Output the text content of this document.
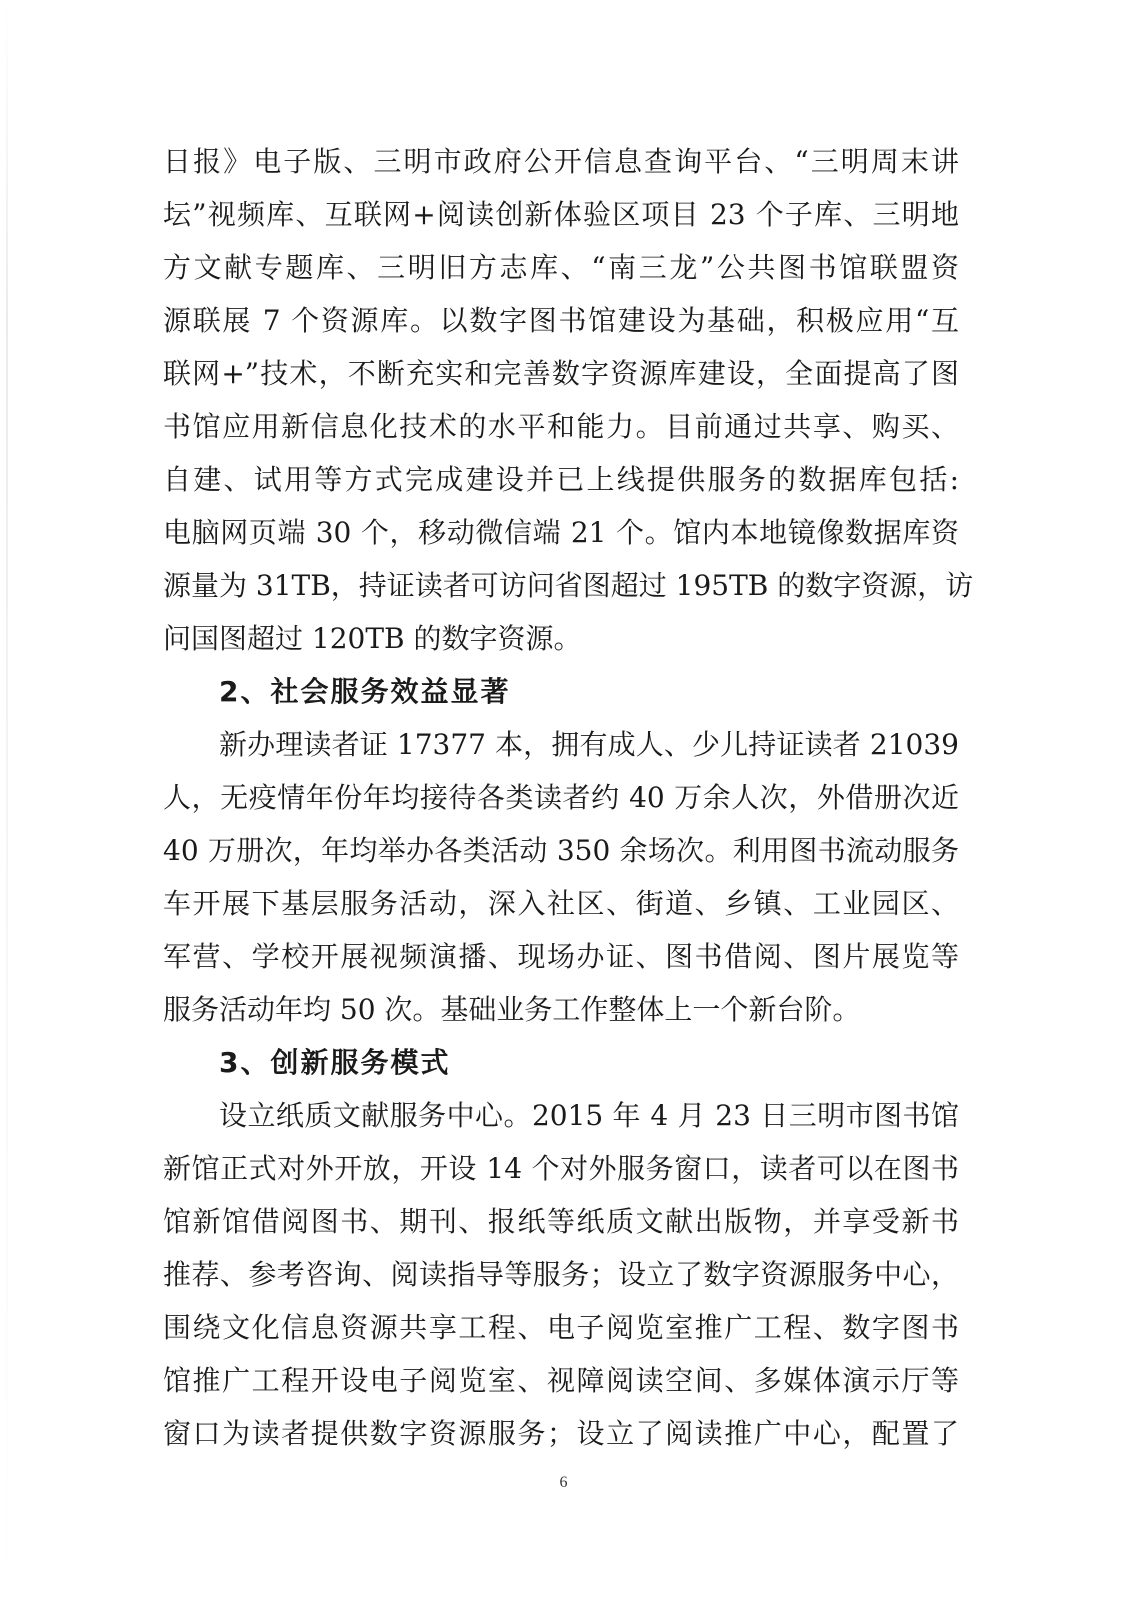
日报》电子版、三明市政府公开信息查询平台、“三明周末讲
坛”视频库、互联网+阅读创新体验区项目 23 个子库、三明地
方文献专题库、三明旧方志库、“南三龙”公共图书馆联盟资
源联展 7 个资源库。以数字图书馆建设为基础，积极应用“互
联网+”技术，不断充实和完善数字资源库建设，全面提高了图
书馆应用新信息化技术的水平和能力。目前通过共享、购买、
自建、试用等方式完成建设并已上线提供服务的数据库包括:
电脑网页端 30 个，移动微信端 21 个。馆内本地镜像数据库资
源量为 31TB，持证读者可访问省图超过 195TB 的数字资源，访
问国图超过 120TB 的数字资源。
2、社会服务效益显著
新办理读者证 17377 本，拥有成人、少儿持证读者 21039
人，无疫情年份年均接待各类读者约 40 万余人次，外借册次近
40 万册次，年均举办各类活动 350 余场次。利用图书流动服务
车开展下基层服务活动，深入社区、街道、乡镇、工业园区、
军营、学校开展视频演播、现场办证、图书借阅、图片展览等
服务活动年均 50 次。基础业务工作整体上一个新台阶。
3、创新服务模式
设立纸质文献服务中心。2015 年 4 月 23 日三明市图书馆
新馆正式对外开放，开设 14 个对外服务窗口，读者可以在图书
馆新馆借阅图书、期刊、报纸等纸质文献出版物，并享受新书
推荐、参考咨询、阅读指导等服务；设立了数字资源服务中心，
围绕文化信息资源共享工程、电子阅览室推广工程、数字图书
馆推广工程开设电子阅览室、视障阅读空间、多媒体演示厅等
窗口为读者提供数字资源服务；设立了阅读推广中心，配置了
6
